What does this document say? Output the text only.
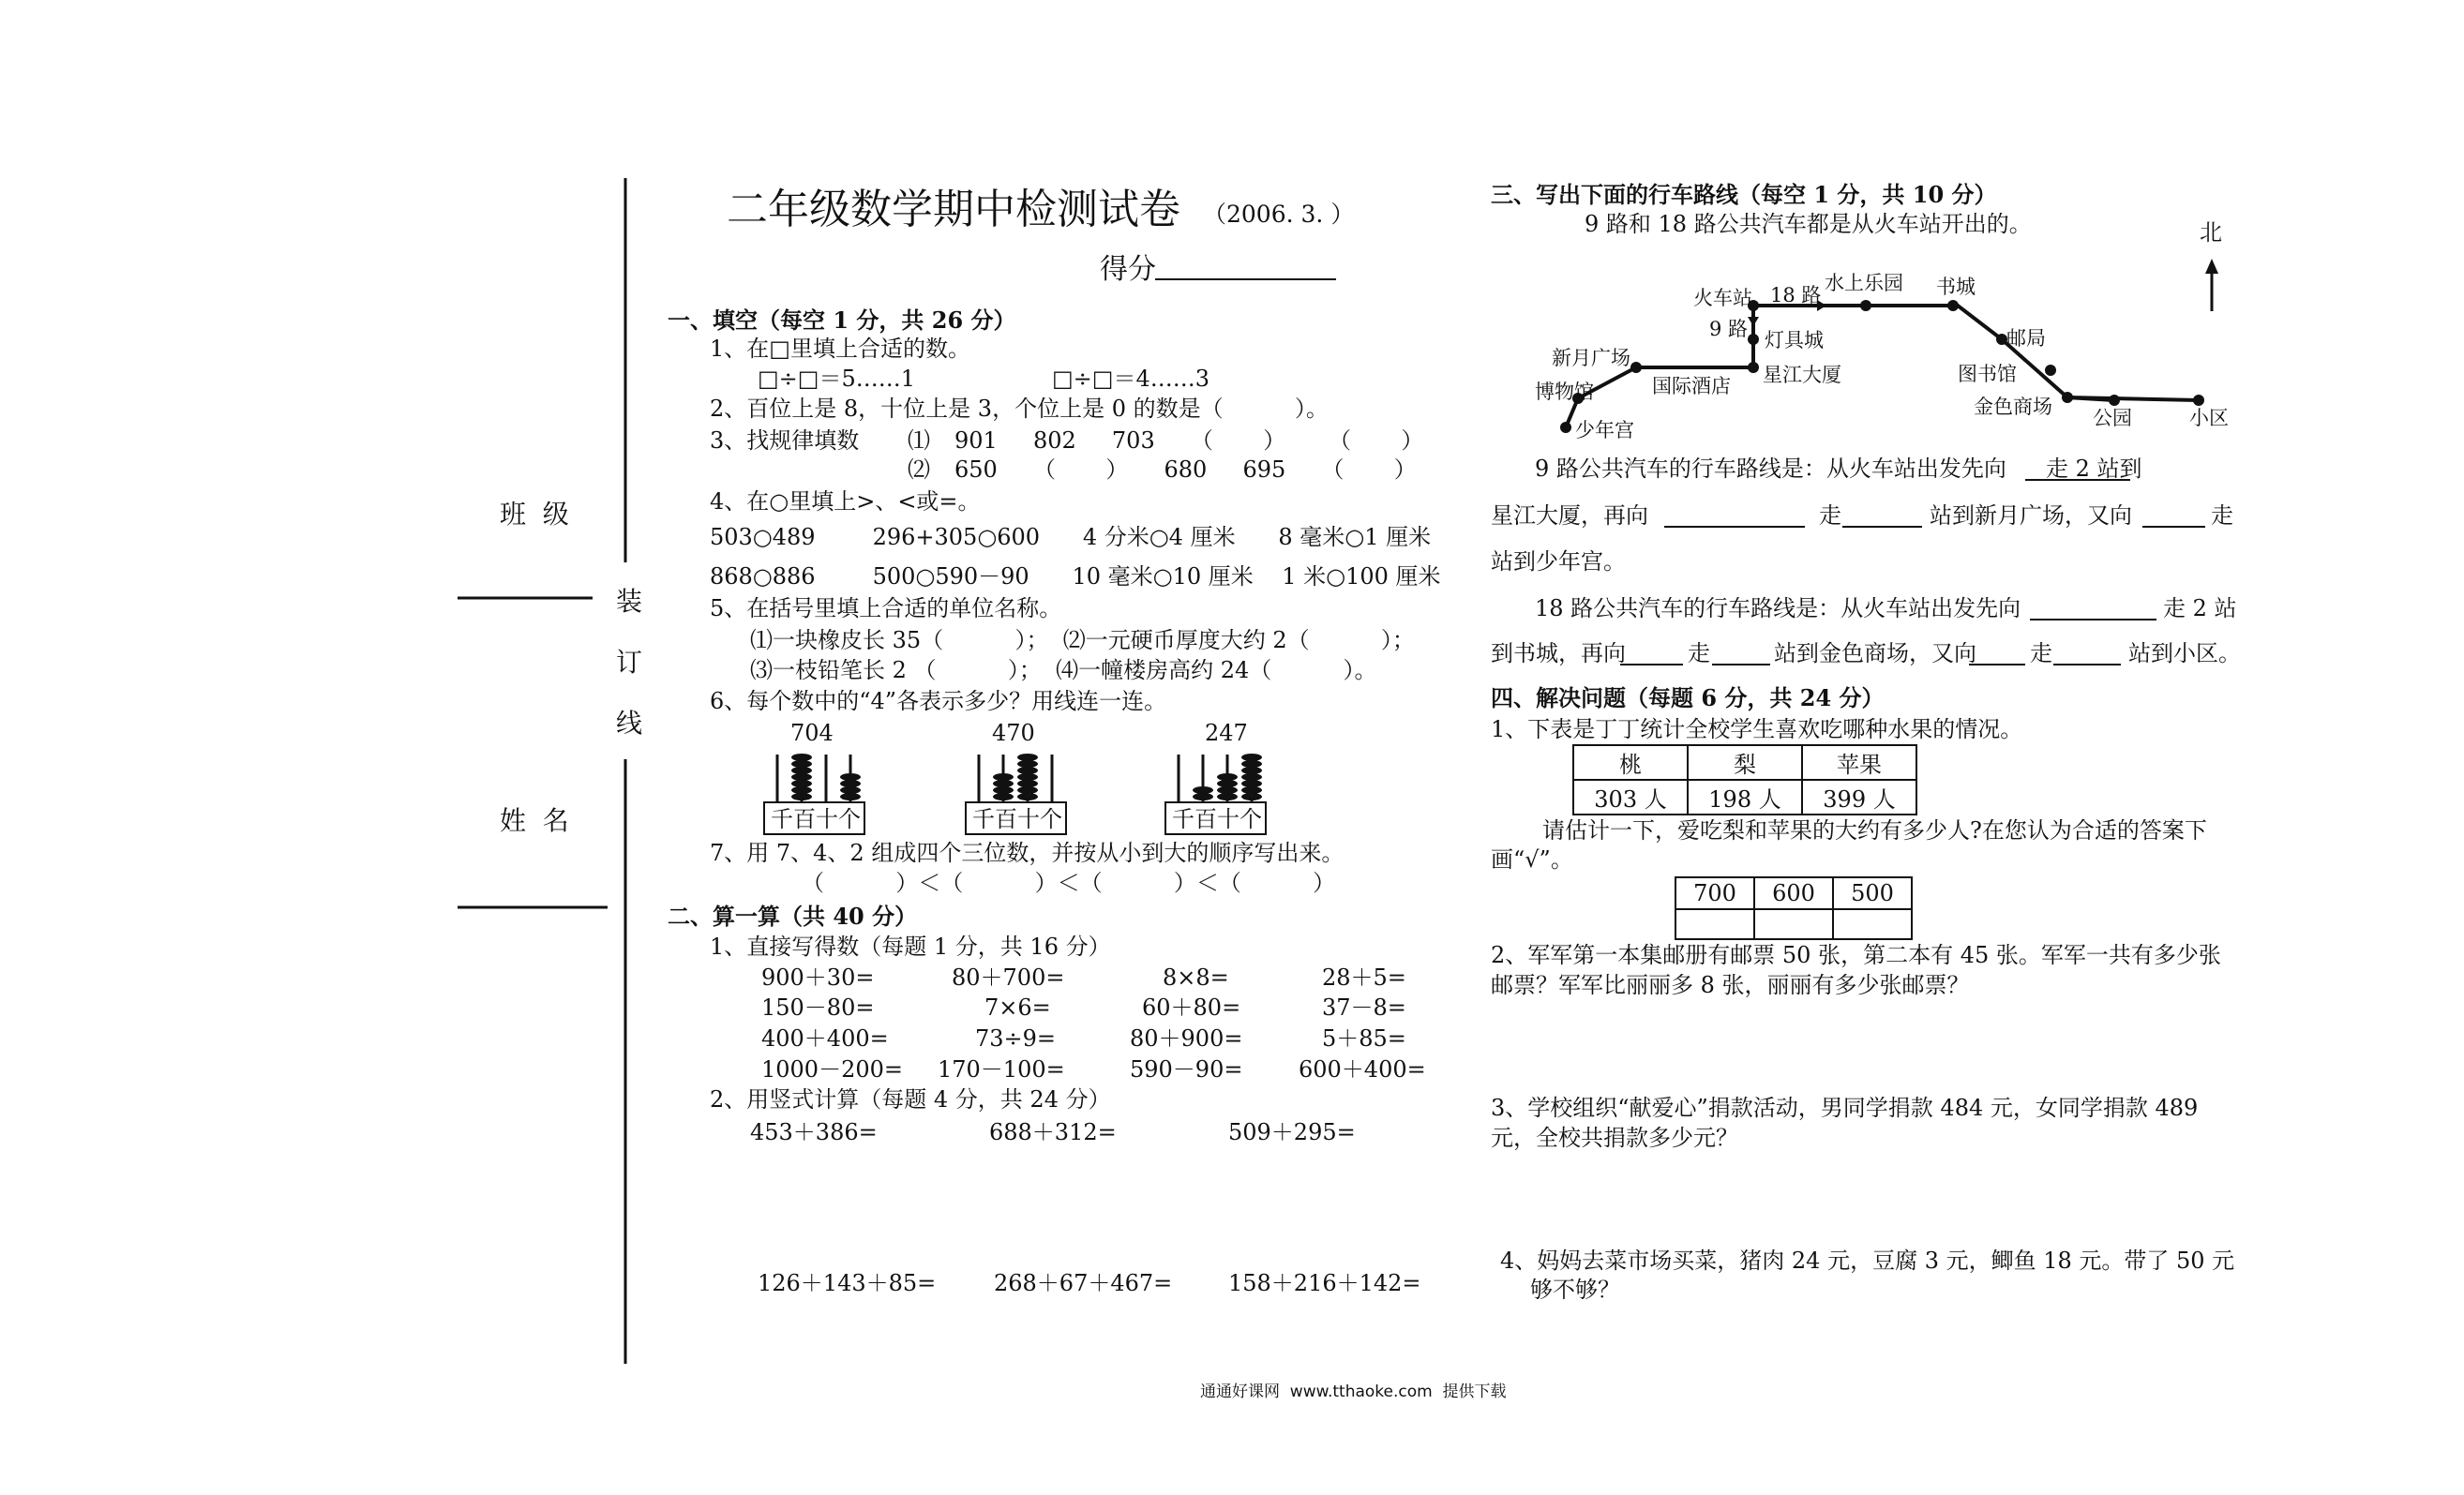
班  级
姓  名
装
订
线
二年级数学期中检测试卷 （2006. 3. ）
得分
一、填空（每空 1 分，共 26 分）
1、在□里填上合适的数。
□÷□＝5……1	□÷□＝4……3
2、百位上是 8，十位上是 3，个位上是 0 的数是（          ）。
3、找规律填数 ⑴ 901     802     703     （       ）      （       ）
⑵ 650     （       ）     680     695     （       ）
4、在○里填上>、<或=。
503○489        296+305○600      4 分米○4 厘米      8 毫米○1 厘米
868○886        500○590－90      10 毫米○10 厘米    1 米○100 厘米
5、在括号里填上合适的单位名称。
⑴一块橡皮长 35（          ）；  ⑵一元硬币厚度大约 2（          ）；
⑶一枝铅笔长 2 （          ）；  ⑷一幢楼房高约 24（          ）。
6、每个数中的“4”各表示多少？用线连一连。
704	470	247
千百十个	千百十个	千百十个
7、用 7、4、2 组成四个三位数，并按从小到大的顺序写出来。
（          ）＜（          ）＜（          ）＜（          ）
二、算一算（共 40 分）
1、直接写得数（每题 1 分，共 16 分）
900＋30=	80＋700=	8×8=	28＋5=
150－80=	7×6=	60＋80=	37－8=
400＋400=	73÷9=	80＋900=	5＋85=
1000－200= 170－100=	590－90= 600＋400=
2、用竖式计算（每题 4 分，共 24 分）
453＋386=	688＋312=	509＋295=
126＋143＋85=	268＋67＋467= 158＋216＋142=
三、写出下面的行车路线（每空 1 分，共 10 分）
9 路和 18 路公共汽车都是从火车站开出的。	北
火车站 18 路
水上乐园 书城
9 路 灯具城	邮局
新月广场
星江大厦
国际酒店
图书馆
博物馆
金色商场 公园	小区
少年宫
9 路公共汽车的行车路线是：从火车站出发先向 走 2 站到
星江大厦，再向	走	站到新月广场，又向	走
站到少年宫。
18 路公共汽车的行车路线是：从火车站出发先向	走 2 站
到书城，再向	走	站到金色商场，又向 走	站到小区。
四、解决问题（每题 6 分，共 24 分）
1、下表是丁丁统计全校学生喜欢吃哪种水果的情况。
桃	梨	苹果
303 人	198 人	399 人
请估计一下，爱吃梨和苹果的大约有多少人?在您认为合适的答案下
画“√”。
700	600	500

2、军军第一本集邮册有邮票 50 张，第二本有 45 张。军军一共有多少张
邮票？军军比丽丽多 8 张，丽丽有多少张邮票？
3、学校组织“献爱心”捐款活动，男同学捐款 484 元，女同学捐款 489
元，全校共捐款多少元？
4、妈妈去菜市场买菜，猪肉 24 元，豆腐 3 元，鲫鱼 18 元。带了 50 元
够不够？
通通好课网  www.tthaoke.com  提供下载
